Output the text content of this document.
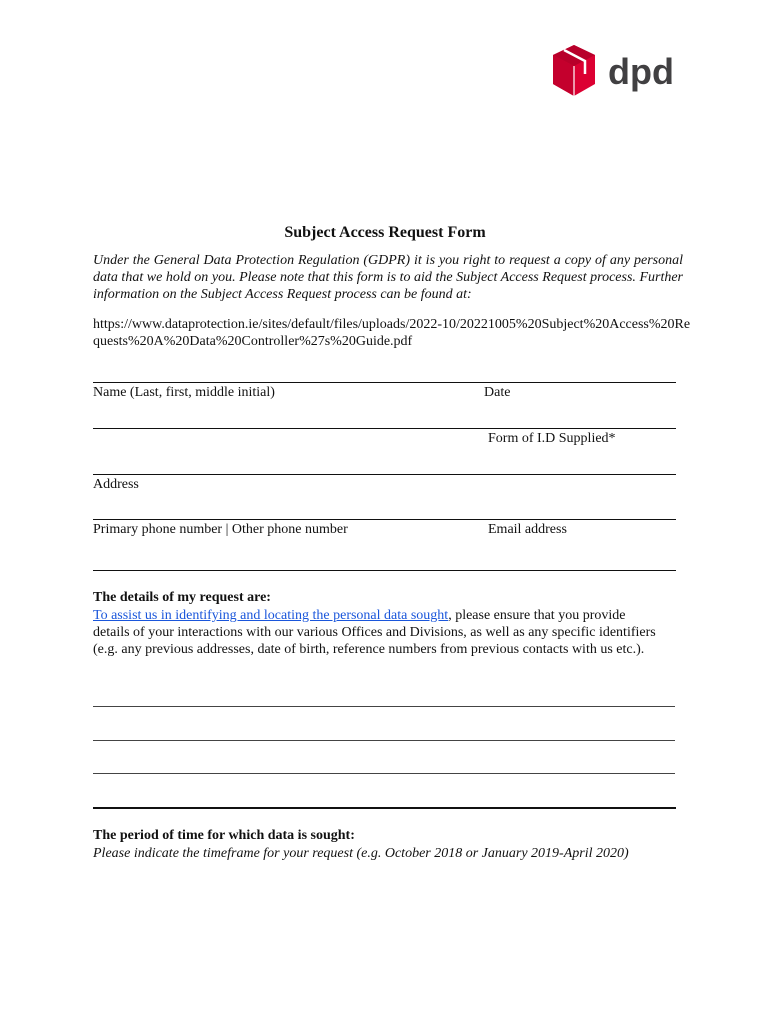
dpd
Subject Access Request Form
Under the General Data Protection Regulation (GDPR) it is you right to request a copy of any personal data that we hold on you. Please note that this form is to aid the Subject Access Request process. Further information on the Subject Access Request process can be found at:
https://www.dataprotection.ie/sites/default/files/uploads/2022-10/20221005%20Subject%20Access%20Requests%20A%20Data%20Controller%27s%20Guide.pdf
Name (Last, first, middle initial)	Date
Form of I.D Supplied*
Address
Primary phone number | Other phone number	Email address
The details of my request are:
To assist us in identifying and locating the personal data sought, please ensure that you provide details of your interactions with our various Offices and Divisions, as well as any specific identifiers (e.g. any previous addresses, date of birth, reference numbers from previous contacts with us etc.).
The period of time for which data is sought:
Please indicate the timeframe for your request (e.g. October 2018 or January 2019-April 2020)
